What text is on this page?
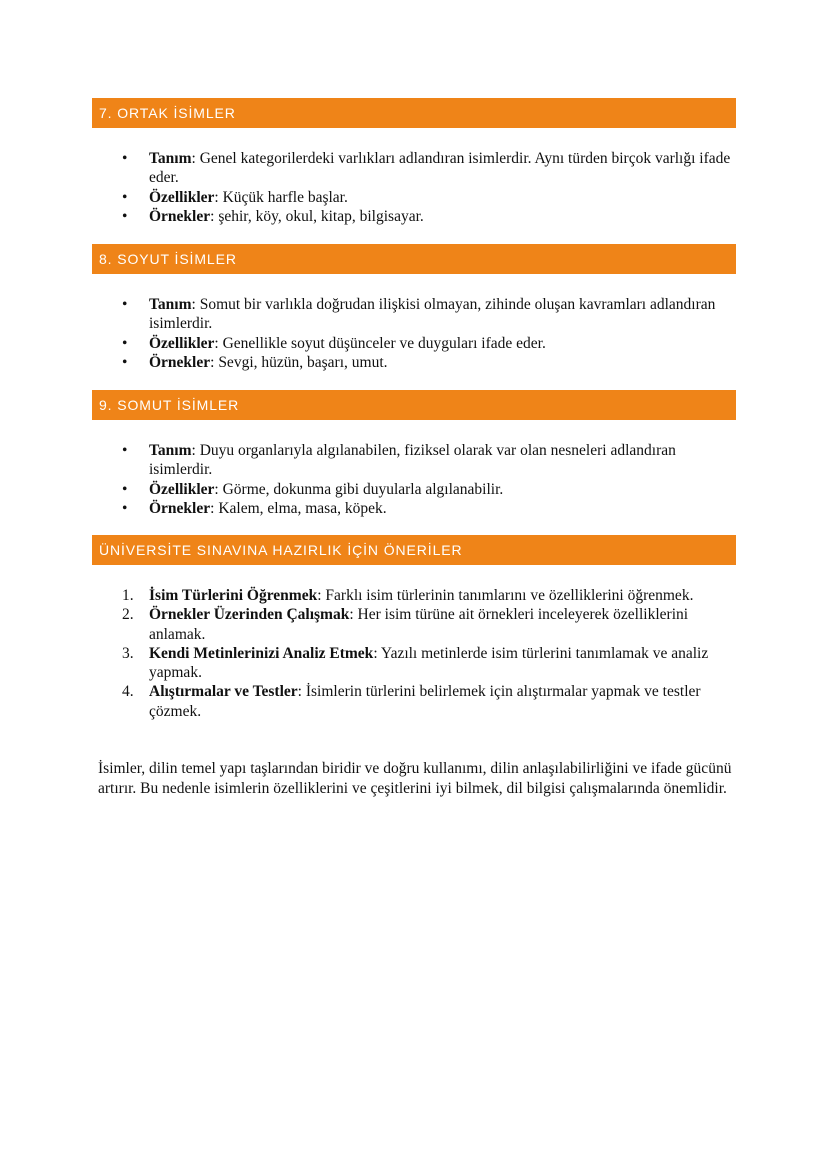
7. ORTAK İSİMLER
• Tanım: Genel kategorilerdeki varlıkları adlandıran isimlerdir. Aynı türden birçok varlığı ifade eder.
• Özellikler: Küçük harfle başlar.
• Örnekler: şehir, köy, okul, kitap, bilgisayar.
8. SOYUT İSİMLER
• Tanım: Somut bir varlıkla doğrudan ilişkisi olmayan, zihinde oluşan kavramları adlandıran isimlerdir.
• Özellikler: Genellikle soyut düşünceler ve duyguları ifade eder.
• Örnekler: Sevgi, hüzün, başarı, umut.
9. SOMUT İSİMLER
• Tanım: Duyu organlarıyla algılanabilen, fiziksel olarak var olan nesneleri adlandıran isimlerdir.
• Özellikler: Görme, dokunma gibi duyularla algılanabilir.
• Örnekler: Kalem, elma, masa, köpek.
ÜNİVERSİTE SINAVINA HAZIRLIK İÇİN ÖNERİLER
1. İsim Türlerini Öğrenmek: Farklı isim türlerinin tanımlarını ve özelliklerini öğrenmek.
2. Örnekler Üzerinden Çalışmak: Her isim türüne ait örnekleri inceleyerek özelliklerini anlamak.
3. Kendi Metinlerinizi Analiz Etmek: Yazılı metinlerde isim türlerini tanımlamak ve analiz yapmak.
4. Alıştırmalar ve Testler: İsimlerin türlerini belirlemek için alıştırmalar yapmak ve testler çözmek.

İsimler, dilin temel yapı taşlarından biridir ve doğru kullanımı, dilin anlaşılabilirliğini ve ifade gücünü artırır. Bu nedenle isimlerin özelliklerini ve çeşitlerini iyi bilmek, dil bilgisi çalışmalarında önemlidir.
